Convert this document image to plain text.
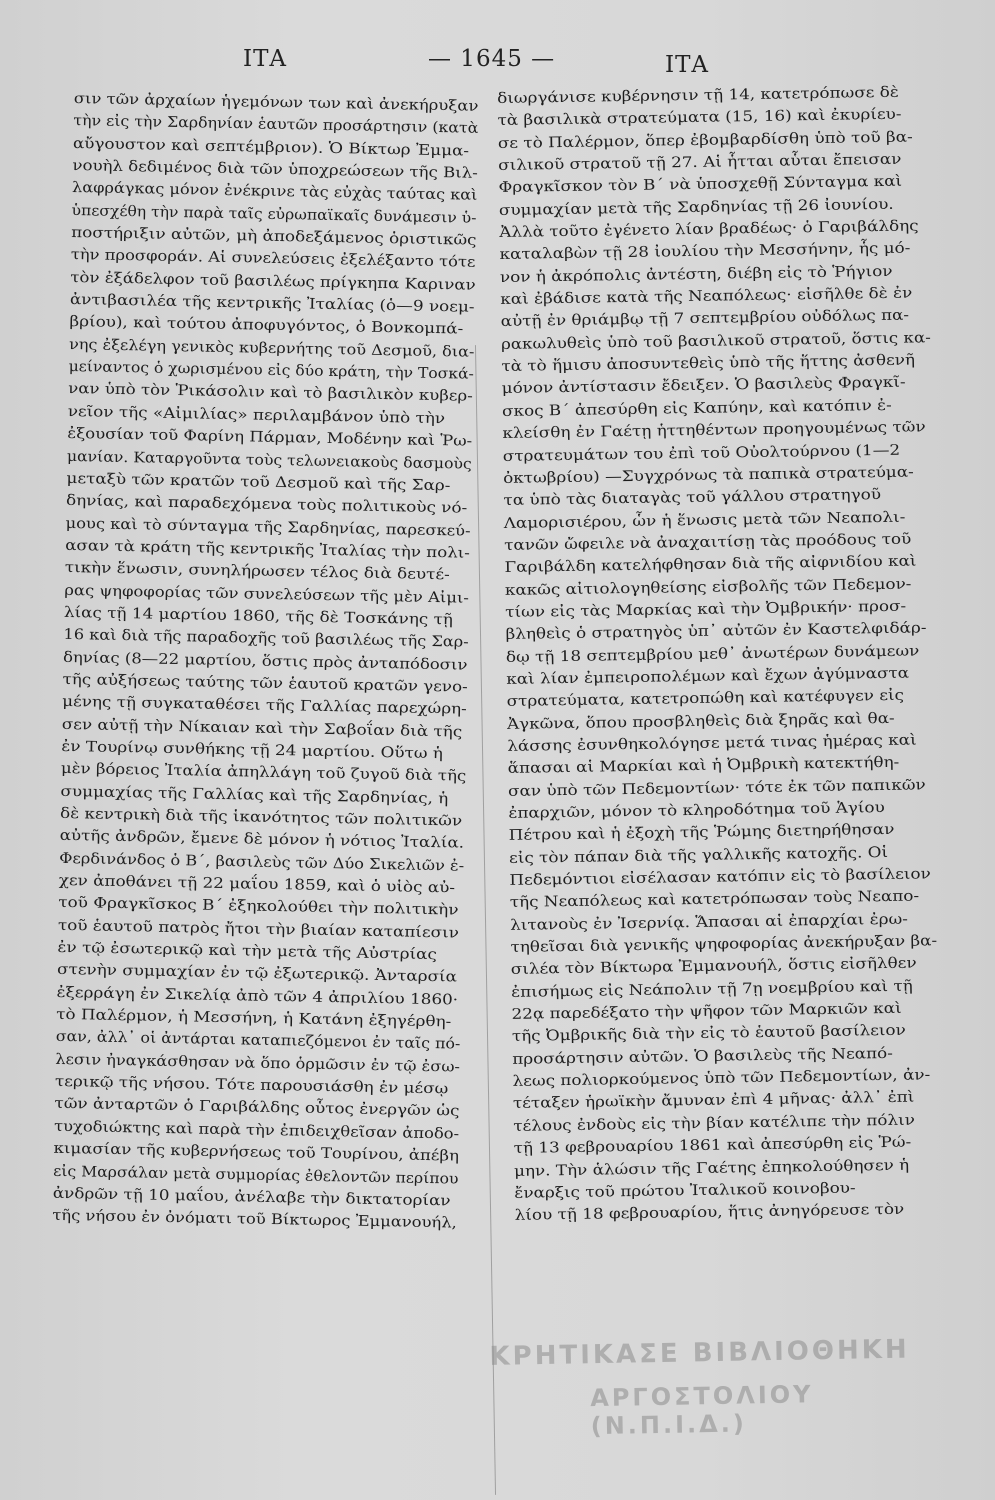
ΙΤΑ	— 1645 —	ΙΤΑ
σιν τῶν ἀρχαίων ἡγεμόνων των καὶ ἀνεκήρυξαν
τὴν εἰς τὴν Σαρδηνίαν ἑαυτῶν προσάρτησιν (κατὰ
αὔγουστον καὶ σεπτέμβριον). Ὁ Βίκτωρ Ἐμμα-
νουὴλ δεδιμένος διὰ τῶν ὑποχρεώσεων τῆς Βιλ-
λαφράγκας μόνον ἐνέκρινε τὰς εὐχὰς ταύτας καὶ
ὑπεσχέθη τὴν παρὰ ταῖς εὐρωπαϊκαῖς δυνάμεσιν ὑ-
ποστήριξιν αὐτῶν, μὴ ἀποδεξάμενος ὁριστικῶς
τὴν προσφοράν. Αἱ συνελεύσεις ἐξελέξαντο τότε
τὸν ἐξάδελφον τοῦ βασιλέως πρίγκηπα Καριναν
ἀντιβασιλέα τῆς κεντρικῆς Ἰταλίας (ὁ—9 νοεμ-
βρίου), καὶ τούτου ἀποφυγόντος, ὁ Βονκομπά-
νης ἐξελέγη γενικὸς κυβερνήτης τοῦ Δεσμοῦ, δια-
μείναντος ὁ χωρισμένου εἰς δύο κράτη, τὴν Τοσκά-
ναν ὑπὸ τὸν Ῥικάσολιν καὶ τὸ βασιλικὸν κυβερ-
νεῖον τῆς «Αἰμιλίας» περιλαμβάνον ὑπὸ τὴν
ἐξουσίαν τοῦ Φαρίνη Πάρμαν, Μοδένην καὶ Ῥω-
μανίαν. Καταργοῦντα τοὺς τελωνειακοὺς δασμοὺς
μεταξὺ τῶν κρατῶν τοῦ Δεσμοῦ καὶ τῆς Σαρ-
δηνίας, καὶ παραδεχόμενα τοὺς πολιτικοὺς νό-
μους καὶ τὸ σύνταγμα τῆς Σαρδηνίας, παρεσκεύ-
ασαν τὰ κράτη τῆς κεντρικῆς Ἰταλίας τὴν πολι-
τικὴν ἕνωσιν, συνηλήρωσεν τέλος διὰ δευτέ-
ρας ψηφοφορίας τῶν συνελεύσεων τῆς μὲν Αἰμι-
λίας τῇ 14 μαρτίου 1860, τῆς δὲ Τοσκάνης τῇ
16 καὶ διὰ τῆς παραδοχῆς τοῦ βασιλέως τῆς Σαρ-
δηνίας (8—22 μαρτίου, ὅστις πρὸς ἀνταπόδοσιν
τῆς αὐξήσεως ταύτης τῶν ἑαυτοῦ κρατῶν γενο-
μένης τῇ συγκαταθέσει τῆς Γαλλίας παρεχώρη-
σεν αὐτῇ τὴν Νίκαιαν καὶ τὴν Σαβοΐαν διὰ τῆς
ἐν Τουρίνῳ συνθήκης τῇ 24 μαρτίου. Οὕτω ἡ
μὲν βόρειος Ἰταλία ἀπηλλάγη τοῦ ζυγοῦ διὰ τῆς
συμμαχίας τῆς Γαλλίας καὶ τῆς Σαρδηνίας, ἡ
δὲ κεντρικὴ διὰ τῆς ἱκανότητος τῶν πολιτικῶν
αὐτῆς ἀνδρῶν, ἔμενε δὲ μόνον ἡ νότιος Ἰταλία.
Φερδινάνδος ὁ Β΄, βασιλεὺς τῶν Δύο Σικελιῶν ἐ-
χεν ἀποθάνει τῇ 22 μαΐου 1859, καὶ ὁ υἱὸς αὐ-
τοῦ Φραγκῖσκος Β΄ ἐξηκολούθει τὴν πολιτικὴν
τοῦ ἑαυτοῦ πατρὸς ἤτοι τὴν βιαίαν καταπίεσιν
ἐν τῷ ἐσωτερικῷ καὶ τὴν μετὰ τῆς Αὐστρίας
στενὴν συμμαχίαν ἐν τῷ ἐξωτερικῷ. Ἀνταρσία
ἐξερράγη ἐν Σικελίᾳ ἀπὸ τῶν 4 ἀπριλίου 1860·
τὸ Παλέρμον, ἡ Μεσσήνη, ἡ Κατάνη ἐξηγέρθη-
σαν, ἀλλ᾽ οἱ ἀντάρται καταπιεζόμενοι ἐν ταῖς πό-
λεσιν ἠναγκάσθησαν νὰ ὅπο ὁρμῶσιν ἐν τῷ ἐσω-
τερικῷ τῆς νήσου. Τότε παρουσιάσθη ἐν μέσῳ
τῶν ἀνταρτῶν ὁ Γαριβάλδης οὗτος ἐνεργῶν ὡς
τυχοδιώκτης καὶ παρὰ τὴν ἐπιδειχθεῖσαν ἀποδο-
κιμασίαν τῆς κυβερνήσεως τοῦ Τουρίνου, ἀπέβη
εἰς Μαρσάλαν μετὰ συμμορίας ἐθελοντῶν περίπου
ἀνδρῶν τῇ 10 μαΐου, ἀνέλαβε τὴν δικτατορίαν
τῆς νήσου ἐν ὀνόματι τοῦ Βίκτωρος Ἐμμανουήλ,
διωργάνισε κυβέρνησιν τῇ 14, κατετρόπωσε δὲ
τὰ βασιλικὰ στρατεύματα (15, 16) καὶ ἐκυρίευ-
σε τὸ Παλέρμον, ὅπερ ἐβομβαρδίσθη ὑπὸ τοῦ βα-
σιλικοῦ στρατοῦ τῇ 27. Αἱ ἧτται αὗται ἔπεισαν
Φραγκῖσκον τὸν Β΄ νὰ ὑποσχεθῇ Σύνταγμα καὶ
συμμαχίαν μετὰ τῆς Σαρδηνίας τῇ 26 ἰουνίου.
Ἀλλὰ τοῦτο ἐγένετο λίαν βραδέως· ὁ Γαριβάλδης
καταλαβὼν τῇ 28 ἰουλίου τὴν Μεσσήνην, ἧς μό-
νον ἡ ἀκρόπολις ἀντέστη, διέβη εἰς τὸ Ῥήγιον
καὶ ἐβάδισε κατὰ τῆς Νεαπόλεως· εἰσῆλθε δὲ ἐν
αὐτῇ ἐν θριάμβῳ τῇ 7 σεπτεμβρίου οὐδόλως πα-
ρακωλυθεὶς ὑπὸ τοῦ βασιλικοῦ στρατοῦ, ὅστις κα-
τὰ τὸ ἥμισυ ἀποσυντεθεὶς ὑπὸ τῆς ἥττης ἀσθενῆ
μόνον ἀντίστασιν ἔδειξεν. Ὁ βασιλεὺς Φραγκῖ-
σκος Β΄ ἀπεσύρθη εἰς Καπύην, καὶ κατόπιν ἐ-
κλείσθη ἐν Γαέτῃ ἡττηθέντων προηγουμένως τῶν
στρατευμάτων του ἐπὶ τοῦ Οὐολτούρνου (1—2
ὀκτωβρίου) —Συγχρόνως τὰ παπικὰ στρατεύμα-
τα ὑπὸ τὰς διαταγὰς τοῦ γάλλου στρατηγοῦ
Λαμορισιέρου, ὧν ἡ ἕνωσις μετὰ τῶν Νεαπολι-
τανῶν ὤφειλε νὰ ἀναχαιτίσῃ τὰς προόδους τοῦ
Γαριβάλδη κατελήφθησαν διὰ τῆς αἰφνιδίου καὶ
κακῶς αἰτιολογηθείσης εἰσβολῆς τῶν Πεδεμον-
τίων εἰς τὰς Μαρκίας καὶ τὴν Ὀμβρικήν· προσ-
βληθεὶς ὁ στρατηγὸς ὑπ᾽ αὐτῶν ἐν Καστελφιδάρ-
δῳ τῇ 18 σεπτεμβρίου μεθ᾽ ἀνωτέρων δυνάμεων
καὶ λίαν ἐμπειροπολέμων καὶ ἔχων ἀγύμναστα
στρατεύματα, κατετροπώθη καὶ κατέφυγεν εἰς
Ἀγκῶνα, ὅπου προσβληθεὶς διὰ ξηρᾶς καὶ θα-
λάσσης ἐσυνθηκολόγησε μετά τινας ἡμέρας καὶ
ἅπασαι αἱ Μαρκίαι καὶ ἡ Ὀμβρικὴ κατεκτήθη-
σαν ὑπὸ τῶν Πεδεμοντίων· τότε ἐκ τῶν παπικῶν
ἐπαρχιῶν, μόνον τὸ κληροδότημα τοῦ Ἁγίου
Πέτρου καὶ ἡ ἐξοχὴ τῆς Ῥώμης διετηρήθησαν
εἰς τὸν πάπαν διὰ τῆς γαλλικῆς κατοχῆς. Οἱ
Πεδεμόντιοι εἰσέλασαν κατόπιν εἰς τὸ βασίλειον
τῆς Νεαπόλεως καὶ κατετρόπωσαν τοὺς Νεαπο-
λιτανοὺς ἐν Ἰσερνίᾳ. Ἅπασαι αἱ ἐπαρχίαι ἐρω-
τηθεῖσαι διὰ γενικῆς ψηφοφορίας ἀνεκήρυξαν βα-
σιλέα τὸν Βίκτωρα Ἐμμανουήλ, ὅστις εἰσῆλθεν
ἐπισήμως εἰς Νεάπολιν τῇ 7ῃ νοεμβρίου καὶ τῇ
22ᾳ παρεδέξατο τὴν ψῆφον τῶν Μαρκιῶν καὶ
τῆς Ὀμβρικῆς διὰ τὴν εἰς τὸ ἑαυτοῦ βασίλειον
προσάρτησιν αὐτῶν. Ὁ βασιλεὺς τῆς Νεαπό-
λεως πολιορκούμενος ὑπὸ τῶν Πεδεμοντίων, ἀν-
τέταξεν ἡρωϊκὴν ἄμυναν ἐπὶ 4 μῆνας· ἀλλ᾽ ἐπὶ
τέλους ἐνδοὺς εἰς τὴν βίαν κατέλιπε τὴν πόλιν
τῇ 13 φεβρουαρίου 1861 καὶ ἀπεσύρθη εἰς Ῥώ-
μην. Τὴν ἁλώσιν τῆς Γαέτης ἐπηκολούθησεν ἡ
ἔναρξις τοῦ πρώτου Ἰταλικοῦ κοινοβου-
λίου τῇ 18 φεβρουαρίου, ἥτις ἀνηγόρευσε τὸν
ΚΡΗΤΙΚΑΣΕ ΒΙΒΛΙΟΘΗΚΗ
ΑΡΓΟΣΤΟΛΙΟΥ (Ν.Π.Ι.Δ.)
